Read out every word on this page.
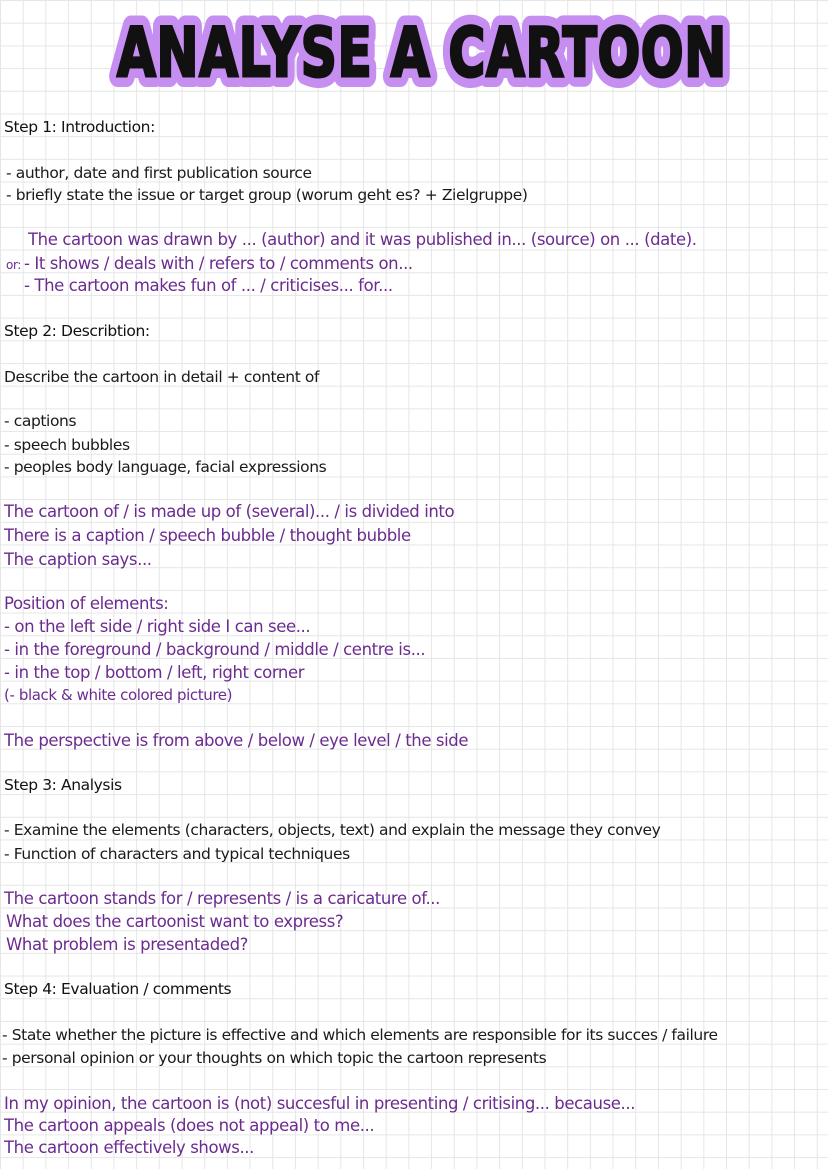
ANALYSE A CARTOON
ANALYSE A CARTOON
Step 1: Introduction:
- author, date and first publication source
- briefly state the issue or target group (worum geht es? + Zielgruppe)
The cartoon was drawn by ... (author) and it was published in... (source) on ... (date).
or: - It shows / deals with / refers to / comments on...
- The cartoon makes fun of ... / criticises... for...
Step 2: Describtion:
Describe the cartoon in detail + content of
- captions
- speech bubbles
- peoples body language, facial expressions
The cartoon of / is made up of (several)... / is divided into
There is a caption / speech bubble / thought bubble
The caption says...
Position of elements:
- on the left side / right side I can see...
- in the foreground / background / middle / centre is...
- in the top / bottom / left, right corner
(- black & white colored picture)
The perspective is from above / below / eye level / the side
Step 3: Analysis
- Examine the elements (characters, objects, text) and explain the message they convey
- Function of characters and typical techniques
The cartoon stands for / represents / is a caricature of...
What does the cartoonist want to express?
What problem is presentaded?
Step 4: Evaluation / comments
- State whether the picture is effective and which elements are responsible for its succes / failure
- personal opinion or your thoughts on which topic the cartoon represents
In my opinion, the cartoon is (not) succesful in presenting / critising... because...
The cartoon appeals (does not appeal) to me...
The cartoon effectively shows...
